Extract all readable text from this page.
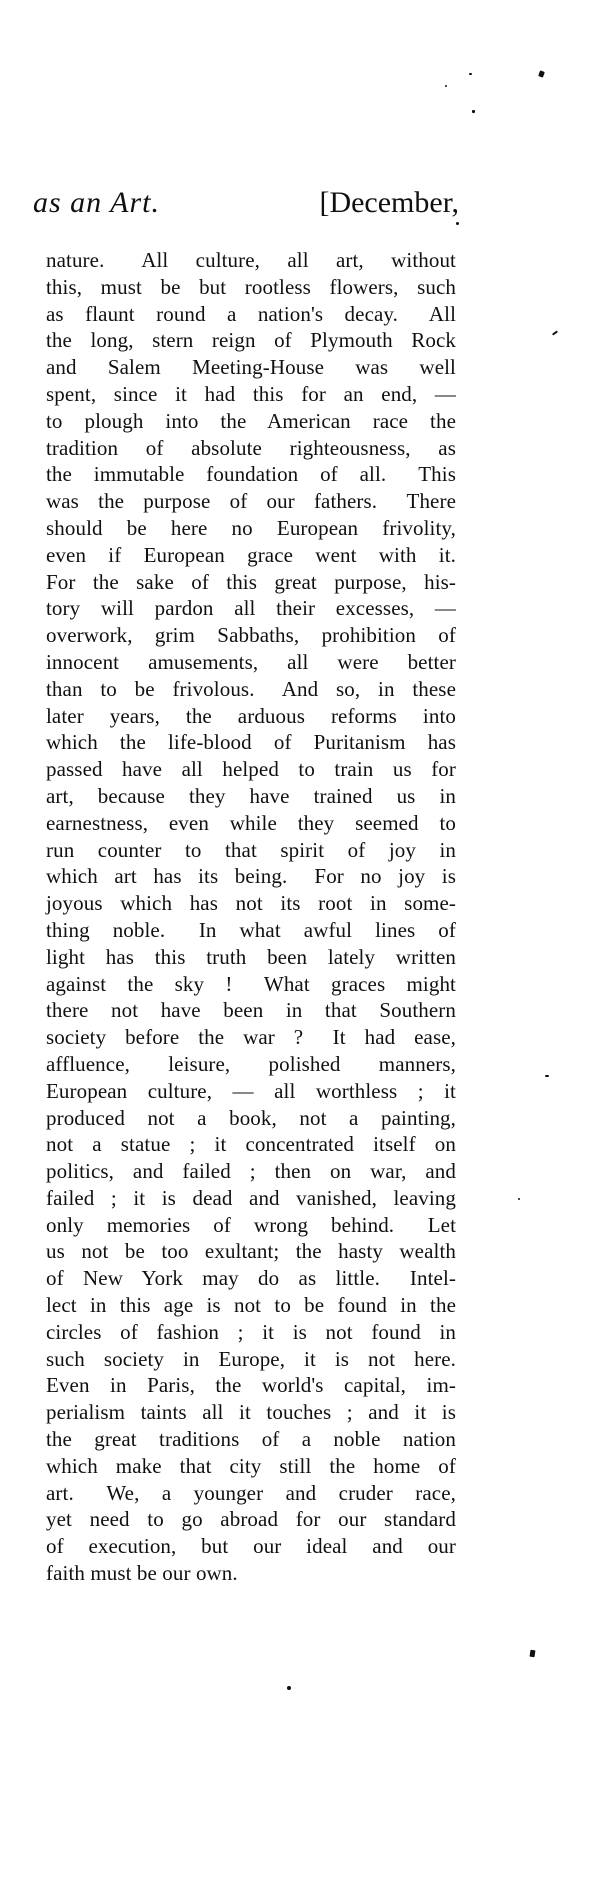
as an Art.	[December,
nature.  All culture, all art, without
this, must be but rootless flowers, such
as flaunt round a nation's decay.  All
the long, stern reign of Plymouth Rock
and Salem Meeting-House was well
spent, since it had this for an end, —
to plough into the American race the
tradition of absolute righteousness, as
the immutable foundation of all.  This
was the purpose of our fathers.  There
should be here no European frivolity,
even if European grace went with it.
For the sake of this great purpose, his-
tory will pardon all their excesses, —
overwork, grim Sabbaths, prohibition of
innocent amusements, all were better
than to be frivolous.  And so, in these
later years, the arduous reforms into
which the life-blood of Puritanism has
passed have all helped to train us for
art, because they have trained us in
earnestness, even while they seemed to
run counter to that spirit of joy in
which art has its being.  For no joy is
joyous which has not its root in some-
thing noble.  In what awful lines of
light has this truth been lately written
against the sky !  What graces might
there not have been in that Southern
society before the war ?  It had ease,
affluence, leisure, polished manners,
European culture, — all worthless ; it
produced not a book, not a painting,
not a statue ; it concentrated itself on
politics, and failed ; then on war, and
failed ; it is dead and vanished, leaving
only memories of wrong behind.  Let
us not be too exultant; the hasty wealth
of New York may do as little.  Intel-
lect in this age is not to be found in the
circles of fashion ; it is not found in
such society in Europe, it is not here.
Even in Paris, the world's capital, im-
perialism taints all it touches ; and it is
the great traditions of a noble nation
which make that city still the home of
art.  We, a younger and cruder race,
yet need to go abroad for our standard
of execution, but our ideal and our
faith must be our own.
